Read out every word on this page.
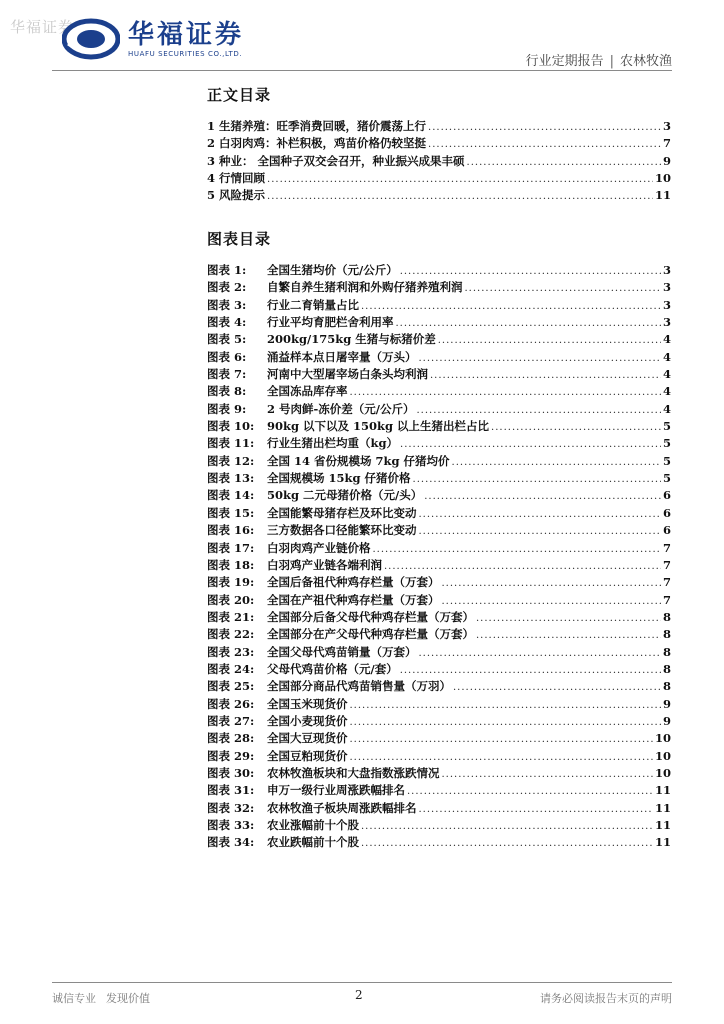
华福证券 华福证券
HUAFU SECURITIES CO.,LTD.
行业定期报告 | 农林牧渔
正文目录
1 生猪养殖：旺季消费回暖，猪价震荡上行 .....	3
2 白羽肉鸡：补栏积极，鸡苗价格仍较坚挺 .....	7
3 种业： 全国种子双交会召开，种业振兴成果丰硕 .....	9
4 行情回顾 .....	10
5 风险提示 .....	11
图表目录
图表 1: 全国生猪均价（元/公斤） .....	3
图表 2: 自繁自养生猪利润和外购仔猪养殖利润 .....	3
图表 3: 行业二育销量占比 .....	3
图表 4: 行业平均育肥栏舍利用率 .....	3
图表 5: 200kg/175kg 生猪与标猪价差 .....	4
图表 6: 涌益样本点日屠宰量（万头） .....	4
图表 7: 河南中大型屠宰场白条头均利润 .....	4
图表 8: 全国冻品库存率 .....	4
图表 9: 2 号肉鲜-冻价差（元/公斤） .....	4
图表 10: 90kg 以下以及 150kg 以上生猪出栏占比 .....	5
图表 11: 行业生猪出栏均重（kg） .....	5
图表 12: 全国 14 省份规模场 7kg 仔猪均价 .....	5
图表 13: 全国规模场 15kg 仔猪价格 .....	5
图表 14: 50kg 二元母猪价格（元/头） .....	6
图表 15: 全国能繁母猪存栏及环比变动 .....	6
图表 16: 三方数据各口径能繁环比变动 .....	6
图表 17: 白羽肉鸡产业链价格 .....	7
图表 18: 白羽鸡产业链各端利润 .....	7
图表 19: 全国后备祖代种鸡存栏量（万套） .....	7
图表 20: 全国在产祖代种鸡存栏量（万套） .....	7
图表 21: 全国部分后备父母代种鸡存栏量（万套） .....	8
图表 22: 全国部分在产父母代种鸡存栏量（万套） .....	8
图表 23: 全国父母代鸡苗销量（万套） .....	8
图表 24: 父母代鸡苗价格（元/套） .....	8
图表 25: 全国部分商品代鸡苗销售量（万羽） .....	8
图表 26: 全国玉米现货价 .....	9
图表 27: 全国小麦现货价 .....	9
图表 28: 全国大豆现货价 .....	10
图表 29: 全国豆粕现货价 .....	10
图表 30: 农林牧渔板块和大盘指数涨跌情况 .....	10
图表 31: 申万一级行业周涨跌幅排名 .....	11
图表 32: 农林牧渔子板块周涨跌幅排名 .....	11
图表 33: 农业涨幅前十个股 .....	11
图表 34: 农业跌幅前十个股 .....	11
诚信专业 发现价值	2	请务必阅读报告末页的声明
